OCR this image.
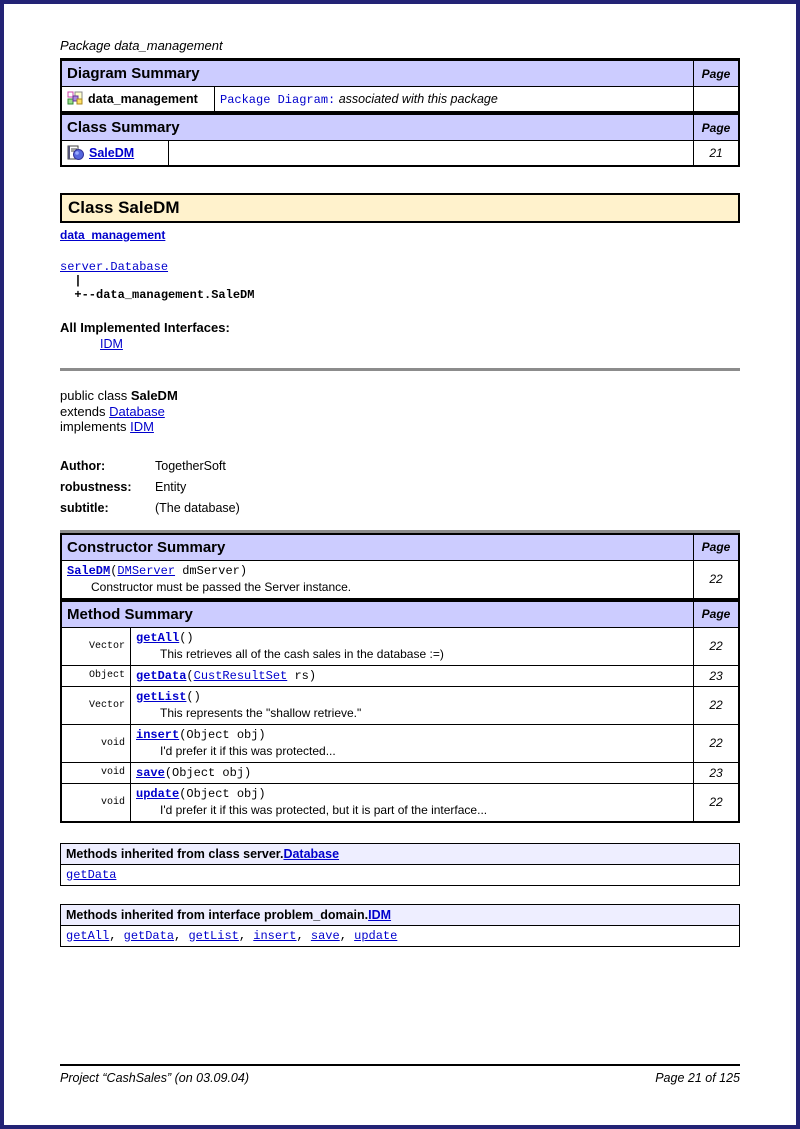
Package data_management
Diagram Summary		Page

data_management	Package Diagram: associated with this package	
Class Summary		Page

SaleDM		21
Class SaleDM
data_management
server.Database
|
+--data_management.SaleDM
All Implemented Interfaces:
IDM
public class SaleDM
extends Database
implements IDM
Author:	TogetherSoft
robustness:	Entity
subtitle:	(The database)
Constructor Summary	Page

SaleDM(DMServer dmServer)
Constructor must be passed the Server instance.	22
Method Summary		Page
Vector	getAll()
This retrieves all of the cash sales in the database :=)	22
Object	getData(CustResultSet rs)	23
Vector	getList()
This represents the "shallow retrieve."	22
void	insert(Object obj)
I'd prefer it if this was protected...	22
void	save(Object obj)	23
void	update(Object obj)
I'd prefer it if this was protected, but it is part of the interface...	22
Methods inherited from class server.Database
getData
Methods inherited from interface problem_domain.IDM
getAll , getData , getList , insert , save , update
Project “CashSales” (on 03.09.04)	Page 21 of 125
